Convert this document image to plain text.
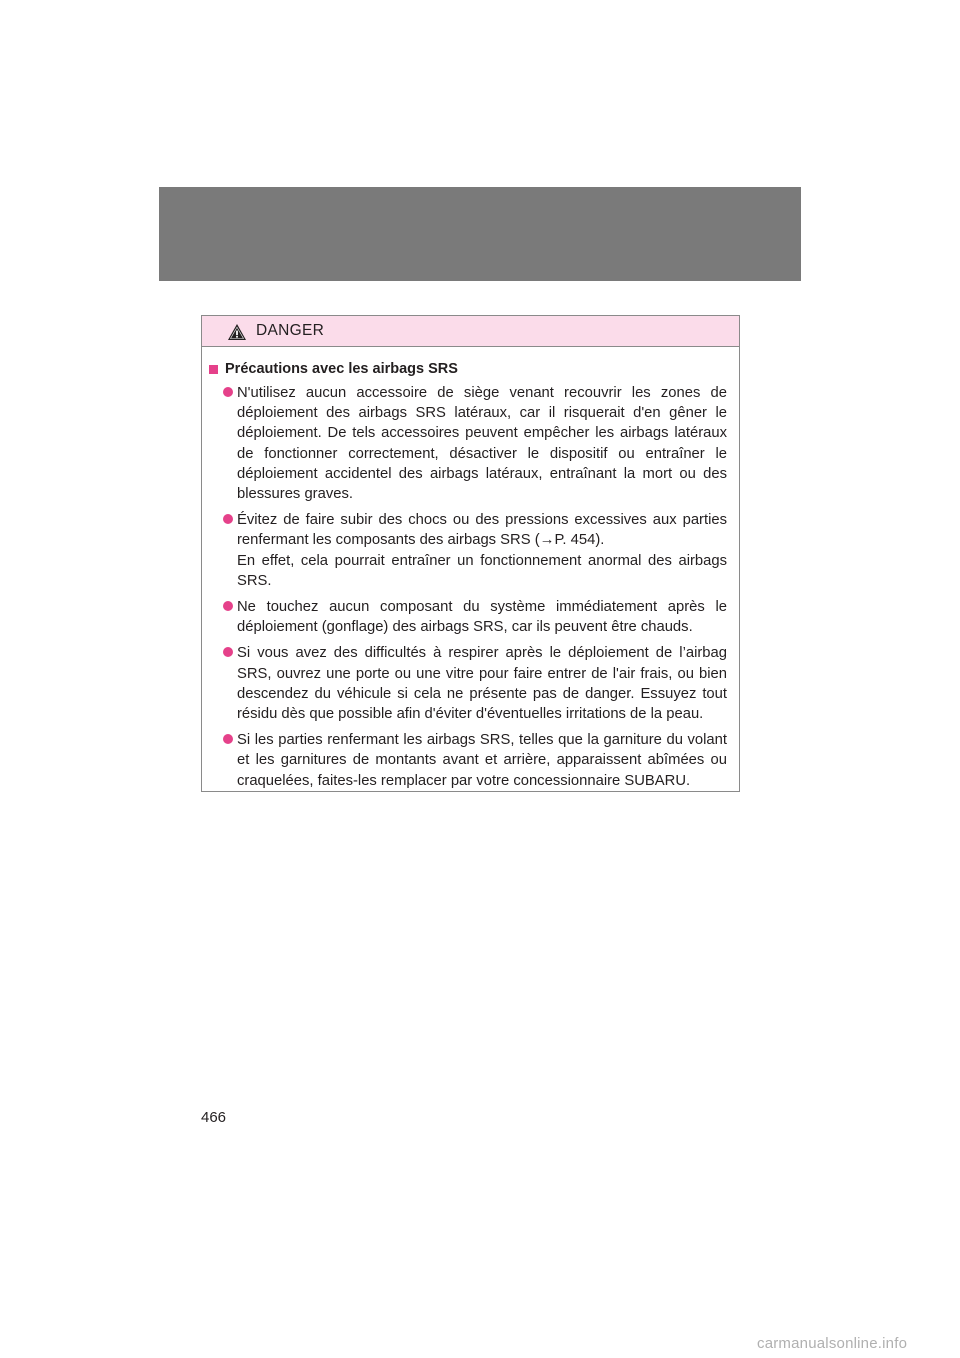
DANGER
Précautions avec les airbags SRS

N'utilisez aucun accessoire de siège venant recouvrir les zones de déploiement des airbags SRS latéraux, car il risquerait d'en gêner le déploiement. De tels accessoires peuvent empêcher les airbags latéraux de fonctionner correctement, désactiver le dispositif ou entraîner le déploiement accidentel des airbags latéraux, entraînant la mort ou des blessures graves.

Évitez de faire subir des chocs ou des pressions excessives aux parties renfermant les composants des airbags SRS (→P. 454).

En effet, cela pourrait entraîner un fonctionnement anormal des airbags SRS.

Ne touchez aucun composant du système immédiatement après le déploiement (gonflage) des airbags SRS, car ils peuvent être chauds.

Si vous avez des difficultés à respirer après le déploiement de l’airbag SRS, ouvrez une porte ou une vitre pour faire entrer de l'air frais, ou bien descendez du véhicule si cela ne présente pas de danger. Essuyez tout résidu dès que possible afin d'éviter d'éventuelles irritations de la peau.

Si les parties renfermant les airbags SRS, telles que la garniture du volant et les garnitures de montants avant et arrière, apparaissent abîmées ou craquelées, faites-les remplacer par votre concessionnaire SUBARU.

466
carmanualsonline.info
